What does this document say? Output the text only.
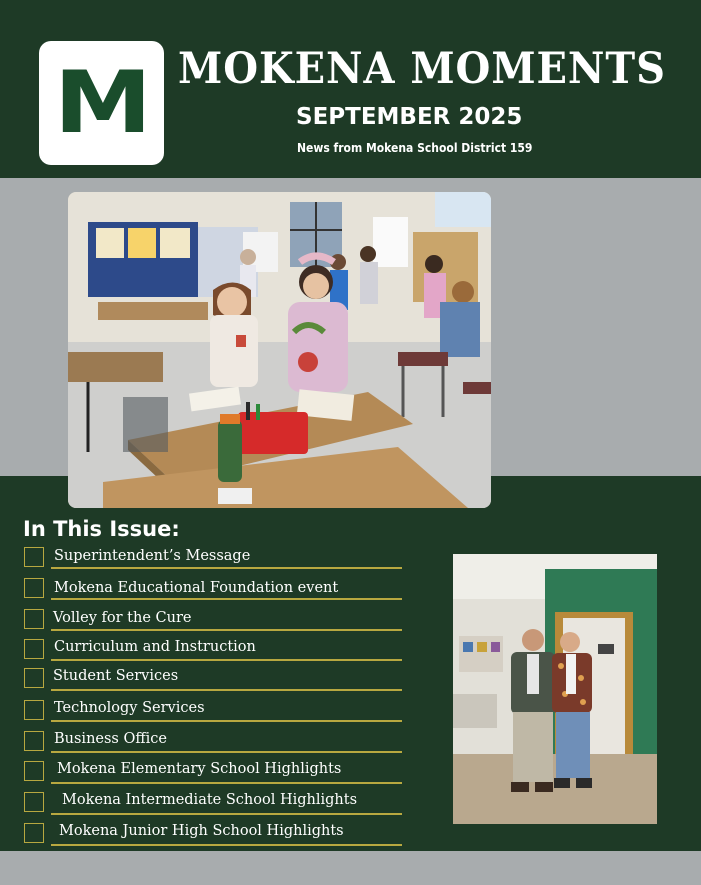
M MOKENA MOMENTS
SEPTEMBER 2025
News from Mokena School District 159
In This Issue:
Superintendent’s Message
Mokena Educational Foundation event
Volley for the Cure
Curriculum and Instruction
Student Services
Technology Services
Business Office
Mokena Elementary School Highlights
Mokena Intermediate School Highlights
Mokena Junior High School Highlights
